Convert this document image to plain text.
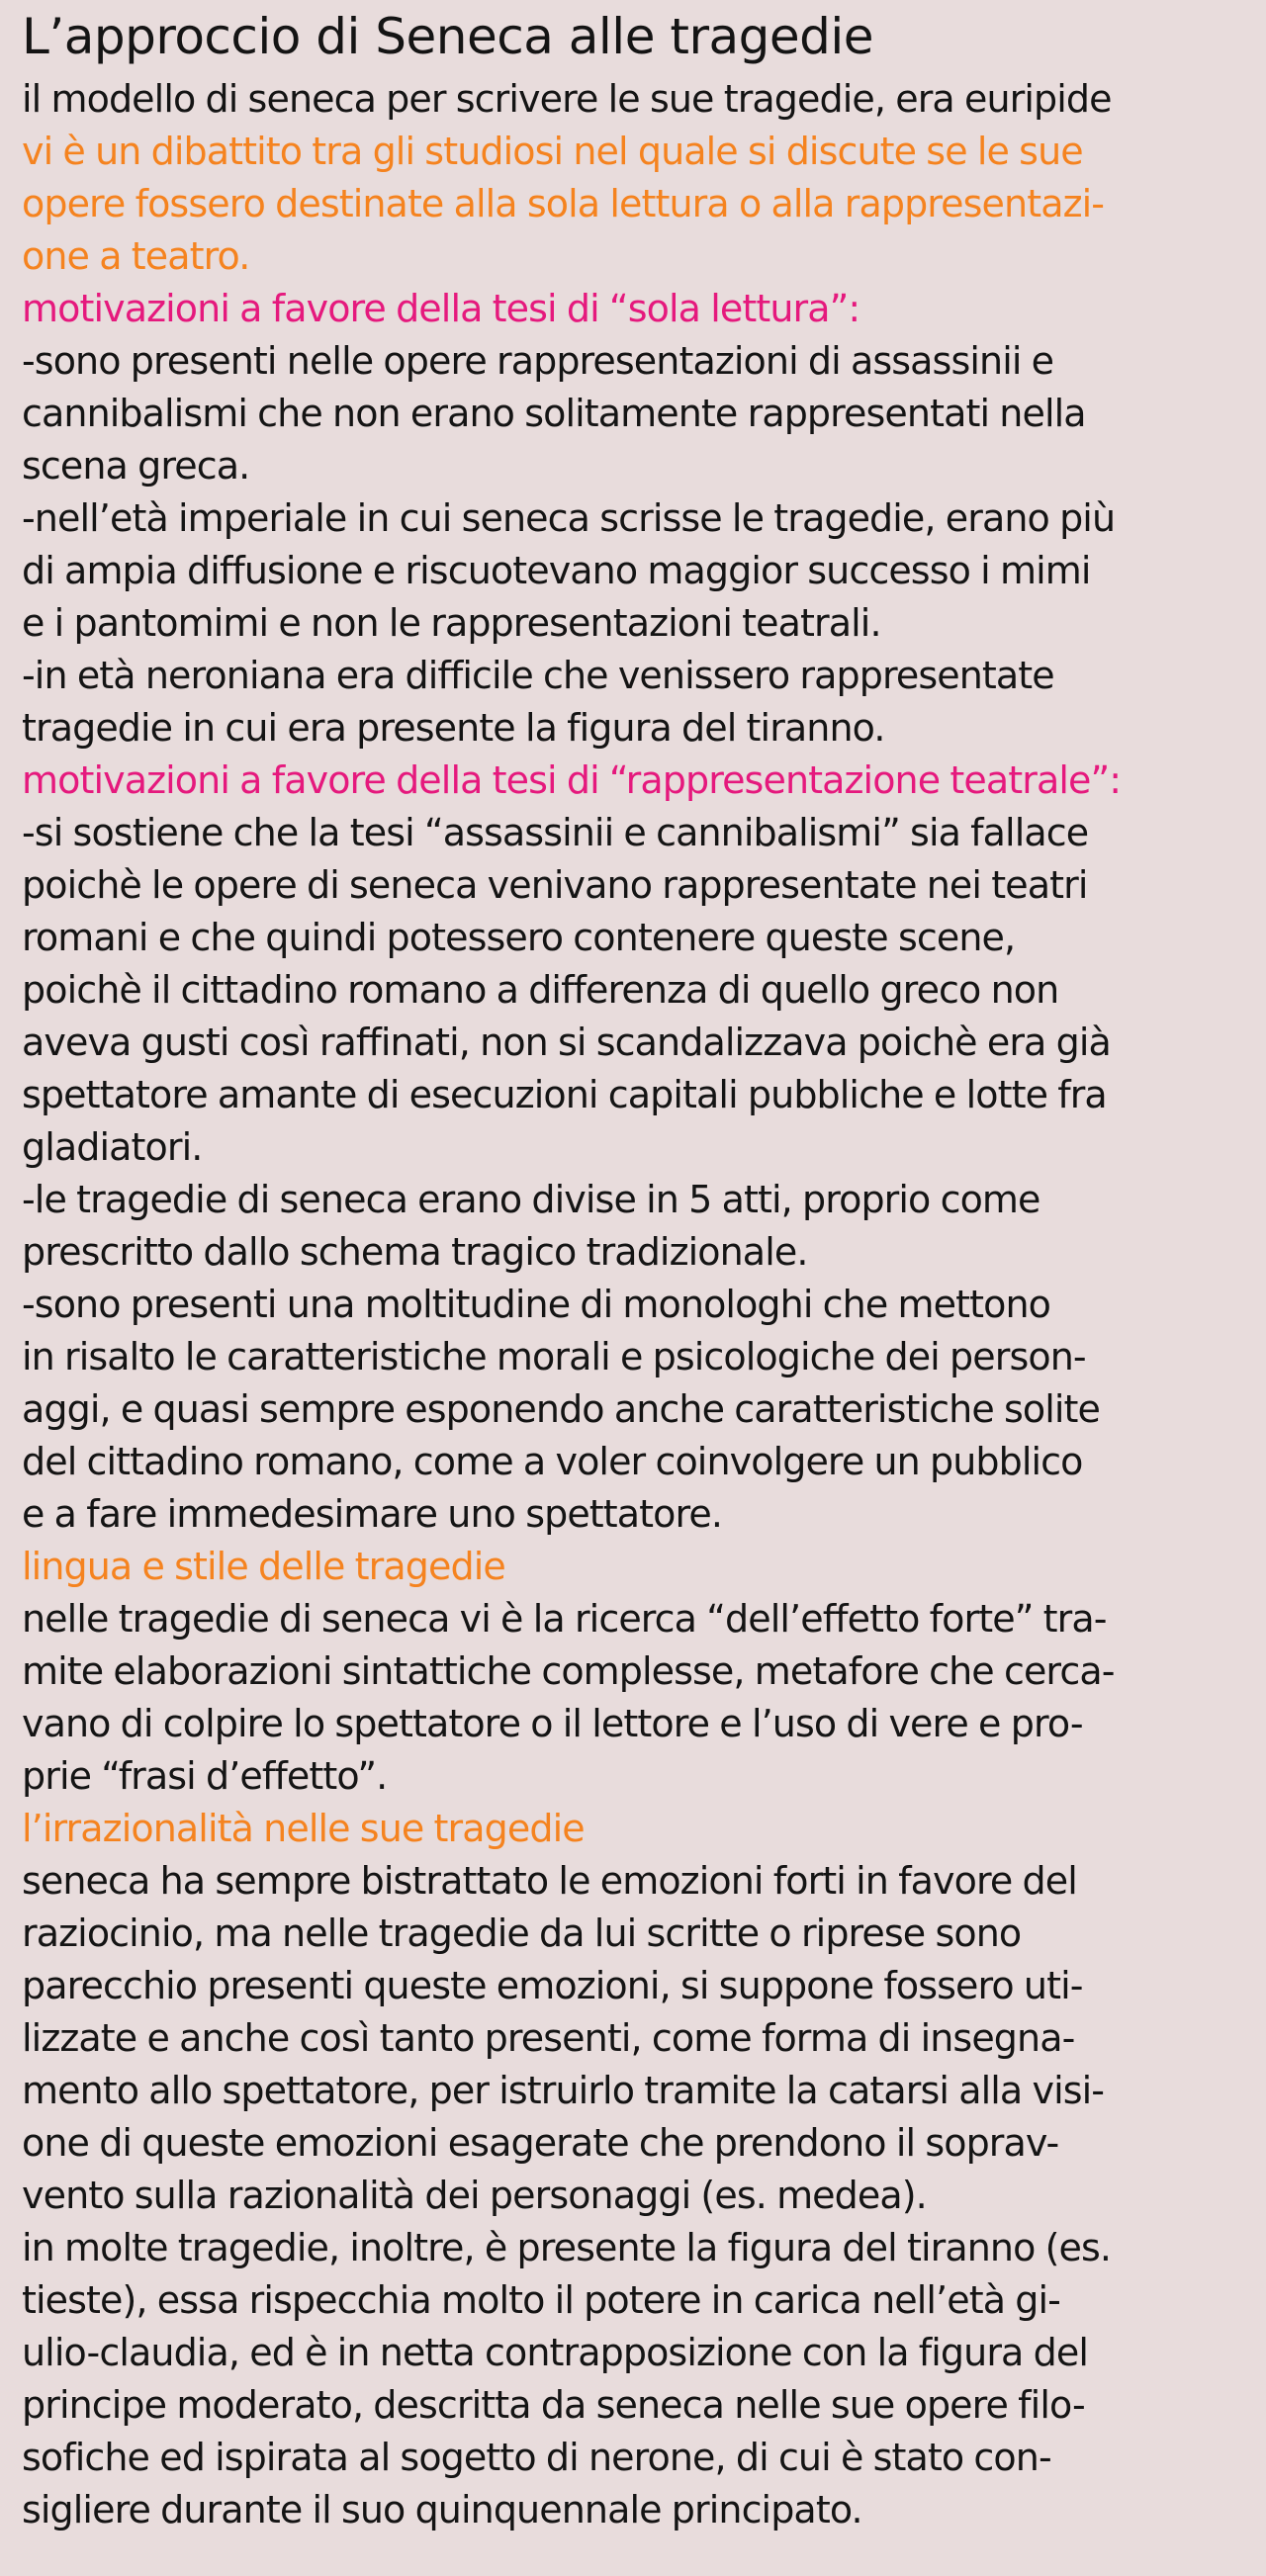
L’approccio di Seneca alle tragedie
il modello di seneca per scrivere le sue tragedie, era euripide
vi è un dibattito tra gli studiosi nel quale si discute se le sue
opere fossero destinate alla sola lettura o alla rappresentazi-
one a teatro.
motivazioni a favore della tesi di “sola lettura”:
-sono presenti nelle opere rappresentazioni di assassinii e
cannibalismi che non erano solitamente rappresentati nella
scena greca.
-nell’età imperiale in cui seneca scrisse le tragedie, erano più
di ampia diffusione e riscuotevano maggior successo i mimi
e i pantomimi e non le rappresentazioni teatrali.
-in età neroniana era difficile che venissero rappresentate
tragedie in cui era presente la figura del tiranno.
motivazioni a favore della tesi di “rappresentazione teatrale”:
-si sostiene che la tesi “assassinii e cannibalismi” sia fallace
poichè le opere di seneca venivano rappresentate nei teatri
romani e che quindi potessero contenere queste scene,
poichè il cittadino romano a differenza di quello greco non
aveva gusti così raffinati, non si scandalizzava poichè era già
spettatore amante di esecuzioni capitali pubbliche e lotte fra
gladiatori.
-le tragedie di seneca erano divise in 5 atti, proprio come
prescritto dallo schema tragico tradizionale.
-sono presenti una moltitudine di monologhi che mettono
in risalto le caratteristiche morali e psicologiche dei person-
aggi, e quasi sempre esponendo anche caratteristiche solite
del cittadino romano, come a voler coinvolgere un pubblico
e a fare immedesimare uno spettatore.
lingua e stile delle tragedie
nelle tragedie di seneca vi è la ricerca “dell’effetto forte” tra-
mite elaborazioni sintattiche complesse, metafore che cerca-
vano di colpire lo spettatore o il lettore e l’uso di vere e pro-
prie “frasi d’effetto”.
l’irrazionalità nelle sue tragedie
seneca ha sempre bistrattato le emozioni forti in favore del
raziocinio, ma nelle tragedie da lui scritte o riprese sono
parecchio presenti queste emozioni, si suppone fossero uti-
lizzate e anche così tanto presenti, come forma di insegna-
mento allo spettatore, per istruirlo tramite la catarsi alla visi-
one di queste emozioni esagerate che prendono il soprav-
vento sulla razionalità dei personaggi (es. medea).
in molte tragedie, inoltre, è presente la figura del tiranno (es.
tieste), essa rispecchia molto il potere in carica nell’età gi-
ulio-claudia, ed è in netta contrapposizione con la figura del
principe moderato, descritta da seneca nelle sue opere filo-
sofiche ed ispirata al sogetto di nerone, di cui è stato con-
sigliere durante il suo quinquennale principato.
